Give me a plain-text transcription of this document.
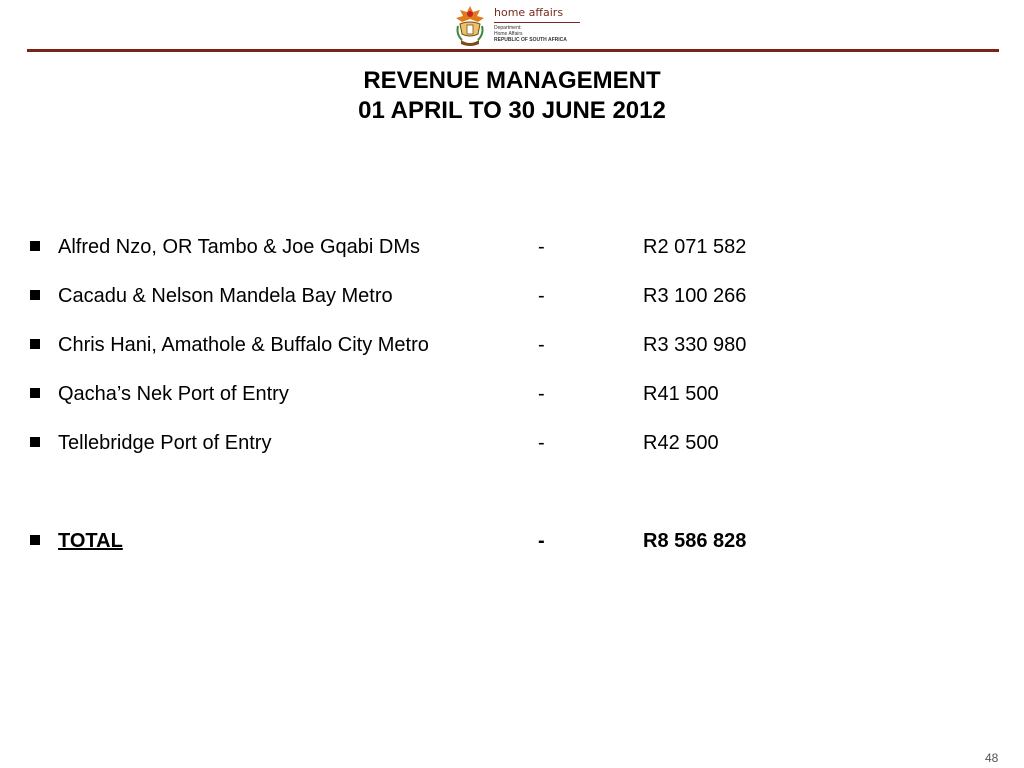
home affairs
Department:
Home Affairs
REPUBLIC OF SOUTH AFRICA
REVENUE MANAGEMENT
01 APRIL TO 30 JUNE 2012
Alfred Nzo, OR Tambo & Joe Gqabi DMs	-	R2 071 582
Cacadu & Nelson Mandela Bay Metro	-	R3 100 266
Chris Hani, Amathole & Buffalo City Metro	-	R3 330 980
Qacha’s Nek Port of Entry	-	R41 500
Tellebridge Port of Entry	-	R42 500
TOTAL	-	R8 586 828
48
